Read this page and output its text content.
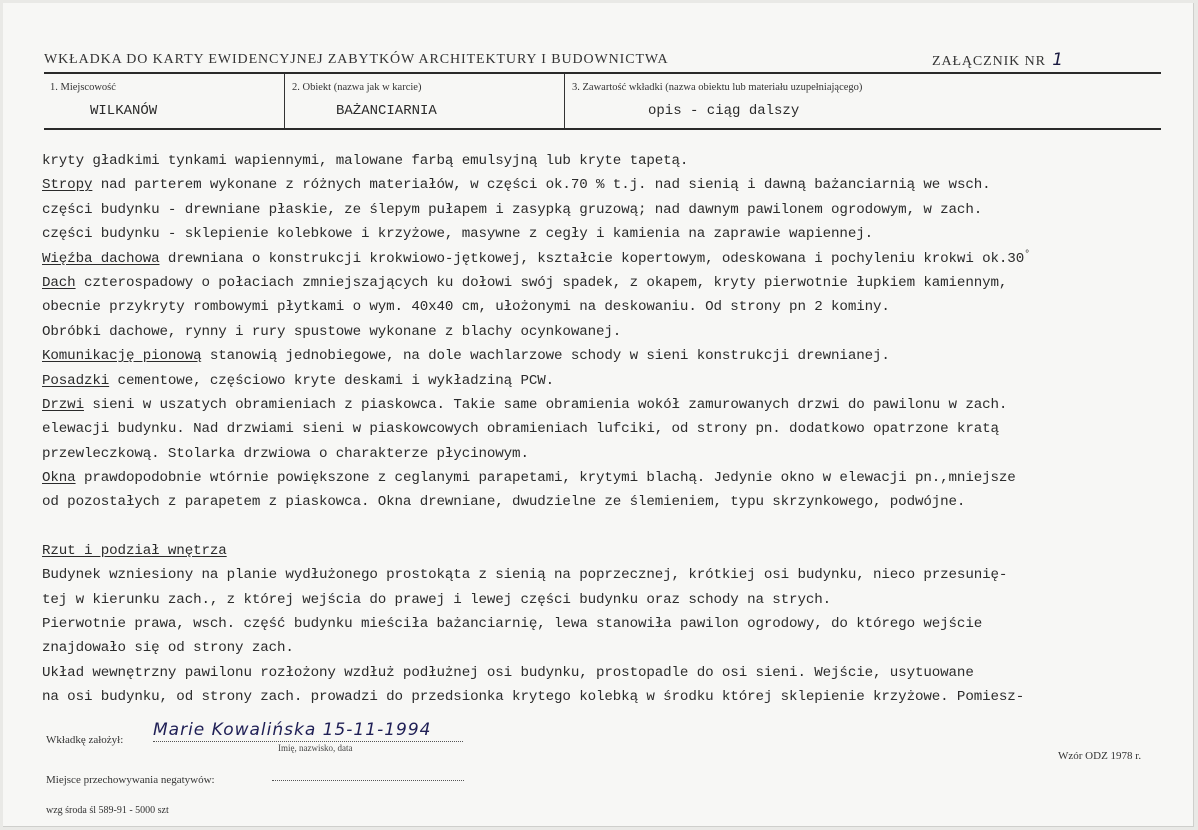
WKŁADKA DO KARTY EWIDENCYJNEJ ZABYTKÓW ARCHITEKTURY I BUDOWNICTWA	ZAŁĄCZNIK NR 1
1. Miejscowość
WILKANÓW
2. Obiekt (nazwa jak w karcie)
BAŻANCIARNIA
3. Zawartość wkładki (nazwa obiektu lub materiału uzupełniającego)
opis - ciąg dalszy
kryty gładkimi tynkami wapiennymi, malowane farbą emulsyjną lub kryte tapetą.
Stropy nad parterem wykonane z różnych materiałów, w części ok.70 % t.j. nad sienią i dawną bażanciarnią we wsch.
części budynku - drewniane płaskie, ze ślepym pułapem i zasypką gruzową; nad dawnym pawilonem ogrodowym, w zach.
części budynku - sklepienie kolebkowe i krzyżowe, masywne z cegły i kamienia na zaprawie wapiennej.
Więźba dachowa drewniana o konstrukcji krokwiowo-jętkowej, kształcie kopertowym, odeskowana i pochyleniu krokwi ok.30°
Dach czterospadowy o połaciach zmniejszających ku dołowi swój spadek, z okapem, kryty pierwotnie łupkiem kamiennym,
obecnie przykryty rombowymi płytkami o wym. 40x40 cm, ułożonymi na deskowaniu. Od strony pn 2 kominy.
Obróbki dachowe, rynny i rury spustowe wykonane z blachy ocynkowanej.
Komunikację pionową stanowią jednobiegowe, na dole wachlarzowe schody w sieni konstrukcji drewnianej.
Posadzki cementowe, częściowo kryte deskami i wykładziną PCW.
Drzwi sieni w uszatych obramieniach z piaskowca. Takie same obramienia wokół zamurowanych drzwi do pawilonu w zach.
elewacji budynku. Nad drzwiami sieni w piaskowcowych obramieniach lufciki, od strony pn. dodatkowo opatrzone kratą
przewleczkową. Stolarka drzwiowa o charakterze płycinowym.
Okna prawdopodobnie wtórnie powiększone z ceglanymi parapetami, krytymi blachą. Jedynie okno w elewacji pn.,mniejsze
od pozostałych z parapetem z piaskowca. Okna drewniane, dwudzielne ze ślemieniem, typu skrzynkowego, podwójne.
Rzut i podział wnętrza
Budynek wzniesiony na planie wydłużonego prostokąta z sienią na poprzecznej, krótkiej osi budynku, nieco przesunię-
tej w kierunku zach., z której wejścia do prawej i lewej części budynku oraz schody na strych.
Pierwotnie prawa, wsch. część budynku mieściła bażanciarnię, lewa stanowiła pawilon ogrodowy, do którego wejście
znajdowało się od strony zach.
Układ wewnętrzny pawilonu rozłożony wzdłuż podłużnej osi budynku, prostopadle do osi sieni. Wejście, usytuowane
na osi budynku, od strony zach. prowadzi do przedsionka krytego kolebką w środku której sklepienie krzyżowe. Pomiesz-
Wkładkę założył: Marie Kowalińska 15-11-1994
Imię, nazwisko, data
Wzór ODZ 1978 r.
Miejsce przechowywania negatywów:
wzg środa śl 589-91 - 5000 szt
